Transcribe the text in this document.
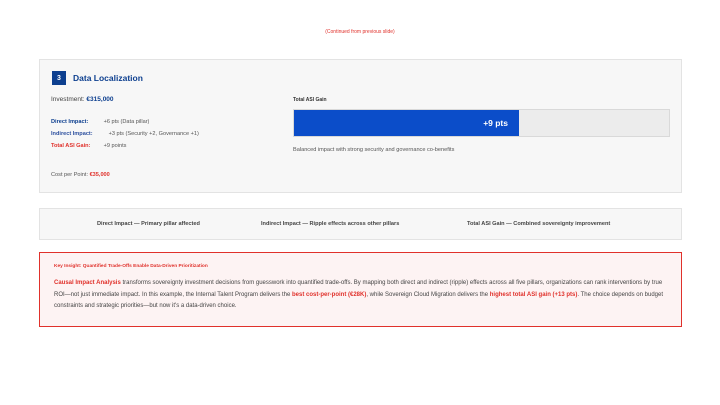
(Continued from previous slide)
3	Data Localization
Investment: €315,000
Direct Impact:	+6 pts (Data pillar)
Indirect Impact:	+3 pts (Security +2, Governance +1)
Total ASI Gain: +9 points
Cost per Point: €35,000
Total ASI Gain
+9 pts
Balanced impact with strong security and governance co-benefits
Direct Impact — Primary pillar affected	Indirect Impact — Ripple effects across other pillars	Total ASI Gain — Combined sovereignty improvement
Key Insight: Quantified Trade-Offs Enable Data-Driven Prioritization
Causal Impact Analysis transforms sovereignty investment decisions from guesswork into quantified trade-offs. By mapping both direct and indirect (ripple) effects across all five pillars, organizations can rank interventions by true ROI—not just immediate impact. In this example, the Internal Talent Program delivers the best cost-per-point (€28K), while Sovereign Cloud Migration delivers the highest total ASI gain (+13 pts). The choice depends on budget constraints and strategic priorities—but now it's a data-driven choice.
